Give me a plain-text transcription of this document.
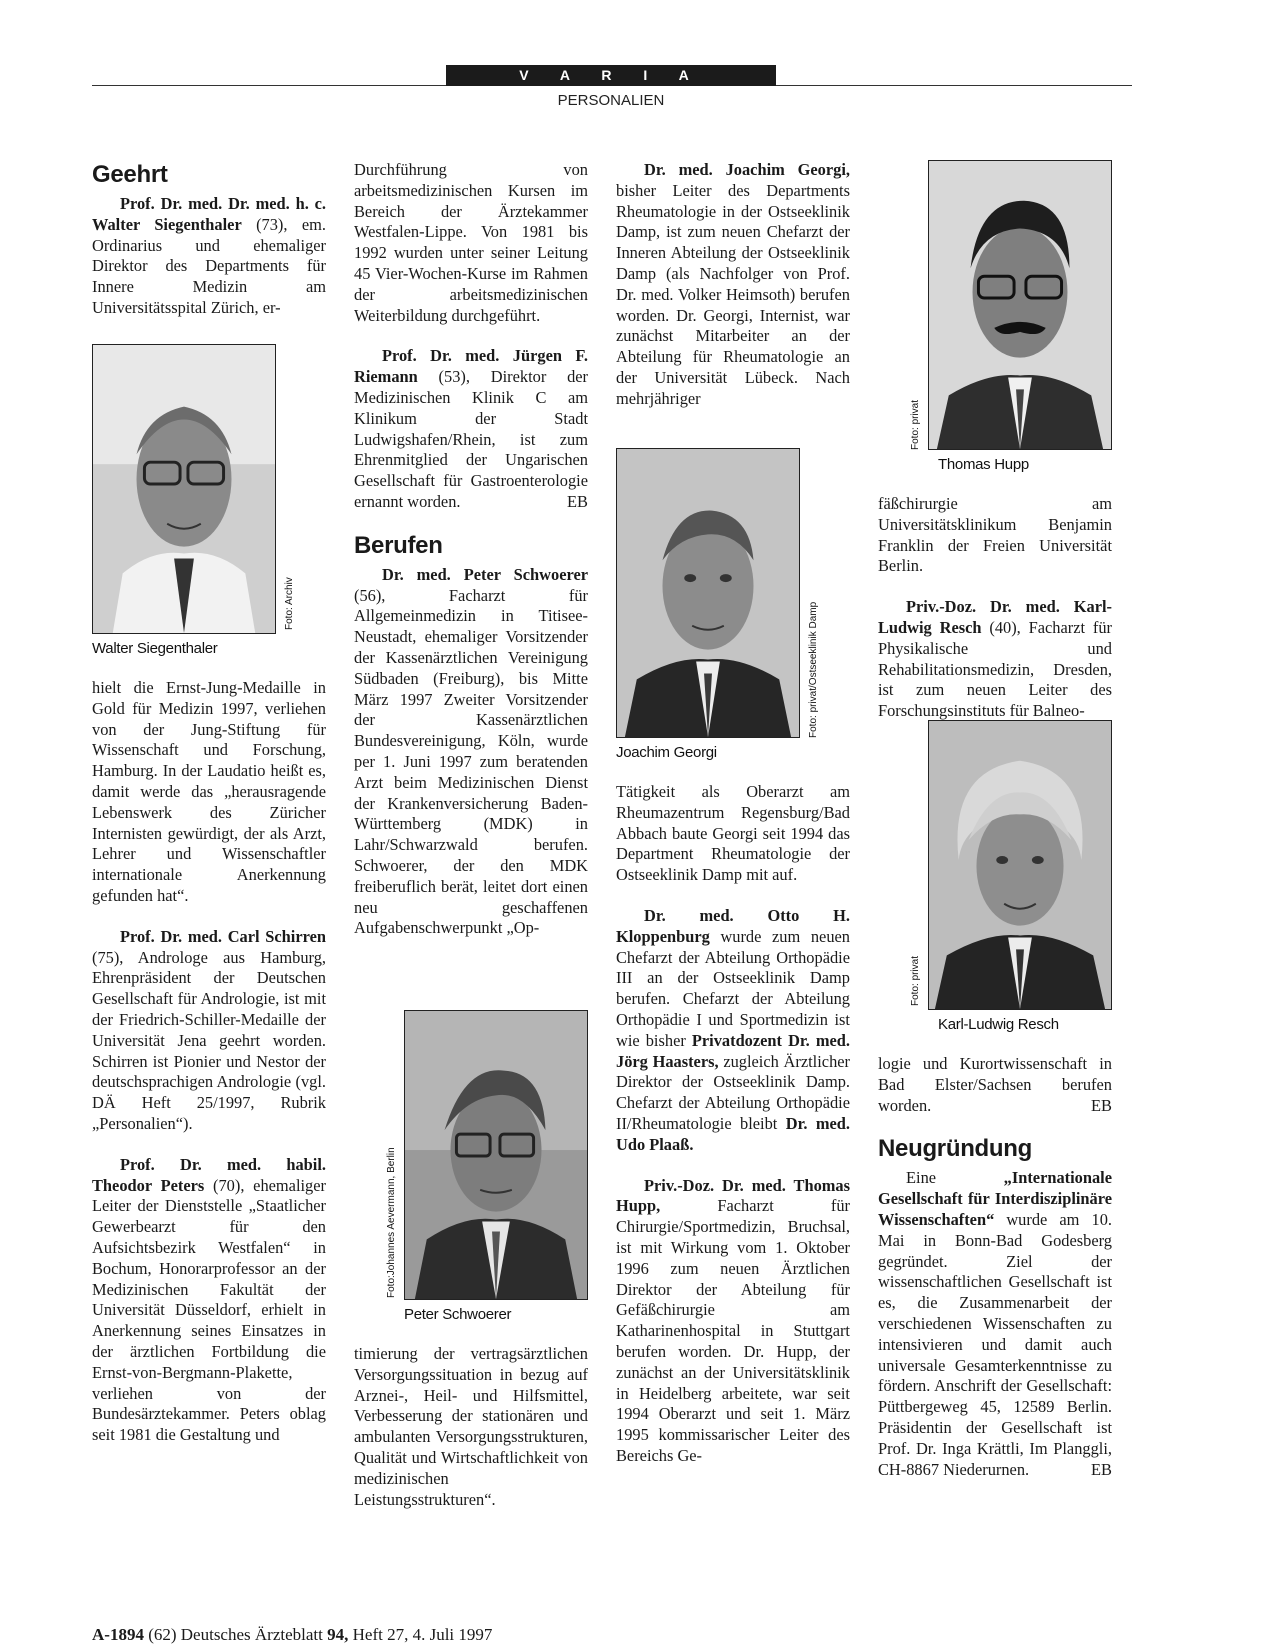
V A R I A
PERSONALIEN
Geehrt

Prof. Dr. med. Dr. med. h. c. Walter Siegenthaler (73), em. Ordinarius und ehemaliger Direktor des Departments für Innere Medizin am Universitätsspital Zürich, er-

Foto: Archiv
Walter Siegenthaler

hielt die Ernst-Jung-Medaille in Gold für Medizin 1997, verliehen von der Jung-Stiftung für Wissenschaft und Forschung, Hamburg. In der Laudatio heißt es, damit werde das „herausragende Lebenswerk des Züricher Internisten gewürdigt, der als Arzt, Lehrer und Wissenschaftler internationale Anerkennung gefunden hat“.

Prof. Dr. med. Carl Schirren (75), Androloge aus Hamburg, Ehrenpräsident der Deutschen Gesellschaft für Andrologie, ist mit der Friedrich-Schiller-Medaille der Universität Jena geehrt worden. Schirren ist Pionier und Nestor der deutschsprachigen Andrologie (vgl. DÄ Heft 25/1997, Rubrik „Personalien“).

Prof. Dr. med. habil. Theodor Peters (70), ehemaliger Leiter der Dienststelle „Staatlicher Gewerbearzt für den Aufsichtsbezirk Westfalen“ in Bochum, Honorarprofessor an der Medizinischen Fakultät der Universität Düsseldorf, erhielt in Anerkennung seines Einsatzes in der ärztlichen Fortbildung die Ernst-von-Bergmann-Plakette, verliehen von der Bundesärztekammer. Peters oblag seit 1981 die Gestaltung und

Durchführung von arbeitsmedizinischen Kursen im Bereich der Ärztekammer Westfalen-Lippe. Von 1981 bis 1992 wurden unter seiner Leitung 45 Vier-Wochen-Kurse im Rahmen der arbeitsmedizinischen Weiterbildung durchgeführt.

Prof. Dr. med. Jürgen F. Riemann (53), Direktor der Medizinischen Klinik C am Klinikum der Stadt Ludwigshafen/Rhein, ist zum Ehrenmitglied der Ungarischen Gesellschaft für Gastroenterologie ernannt worden.	EB

Berufen

Dr. med. Peter Schwoerer (56), Facharzt für Allgemeinmedizin in Titisee-Neustadt, ehemaliger Vorsitzender der Kassenärztlichen Vereinigung Südbaden (Freiburg), bis Mitte März 1997 Zweiter Vorsitzender der Kassenärztlichen Bundesvereinigung, Köln, wurde per 1. Juni 1997 zum beratenden Arzt beim Medizinischen Dienst der Krankenversicherung Baden-Württemberg (MDK) in Lahr/Schwarzwald berufen. Schwoerer, der den MDK freiberuflich berät, leitet dort einen neu geschaffenen Aufgabenschwerpunkt „Op-

Foto:Johannes Aevermann, Berlin
Peter Schwoerer

timierung der vertragsärztlichen Versorgungssituation in bezug auf Arznei-, Heil- und Hilfsmittel, Verbesserung der stationären und ambulanten Versorgungsstrukturen, Qualität und Wirtschaftlichkeit von medizinischen Leistungsstrukturen“.

Dr. med. Joachim Georgi, bisher Leiter des Departments Rheumatologie in der Ostseeklinik Damp, ist zum neuen Chefarzt der Inneren Abteilung der Ostseeklinik Damp (als Nachfolger von Prof. Dr. med. Volker Heimsoth) berufen worden. Dr. Georgi, Internist, war zunächst Mitarbeiter an der Abteilung für Rheumatologie an der Universität Lübeck. Nach mehrjähriger

Foto: privat/Ostseeklinik Damp
Joachim Georgi

Tätigkeit als Oberarzt am Rheumazentrum Regensburg/Bad Abbach baute Georgi seit 1994 das Department Rheumatologie der Ostseeklinik Damp mit auf.

Dr. med. Otto H. Kloppenburg wurde zum neuen Chefarzt der Abteilung Orthopädie III an der Ostseeklinik Damp berufen. Chefarzt der Abteilung Orthopädie I und Sportmedizin ist wie bisher Privatdozent Dr. med. Jörg Haasters, zugleich Ärztlicher Direktor der Ostseeklinik Damp. Chefarzt der Abteilung Orthopädie II/Rheumatologie bleibt Dr. med. Udo Plaaß.

Priv.-Doz. Dr. med. Thomas Hupp, Facharzt für Chirurgie/Sportmedizin, Bruchsal, ist mit Wirkung vom 1. Oktober 1996 zum neuen Ärztlichen Direktor der Abteilung für Gefäßchirurgie am Katharinenhospital in Stuttgart berufen worden. Dr. Hupp, der zunächst an der Universitätsklinik in Heidelberg arbeitete, war seit 1994 Oberarzt und seit 1. März 1995 kommissarischer Leiter des Bereichs Ge-

Foto: privat
Thomas Hupp

fäßchirurgie am Universitätsklinikum Benjamin Franklin der Freien Universität Berlin.

Priv.-Doz. Dr. med. Karl-Ludwig Resch (40), Facharzt für Physikalische und Rehabilitationsmedizin, Dresden, ist zum neuen Leiter des Forschungsinstituts für Balneo-

Foto: privat
Karl-Ludwig Resch

logie und Kurortwissenschaft in Bad Elster/Sachsen berufen worden.	EB

Neugründung

Eine „Internationale Gesellschaft für Interdisziplinäre Wissenschaften“ wurde am 10. Mai in Bonn-Bad Godesberg gegründet. Ziel der wissenschaftlichen Gesellschaft ist es, die Zusammenarbeit der verschiedenen Wissenschaften zu intensivieren und damit auch universale Gesamterkenntnisse zu fördern. Anschrift der Gesellschaft: Püttbergeweg 45, 12589 Berlin. Präsidentin der Gesellschaft ist Prof. Dr. Inga Krättli, Im Planggli, CH-8867 Niederurnen.	EB

A-1894 (62) Deutsches Ärzteblatt 94, Heft 27, 4. Juli 1997
